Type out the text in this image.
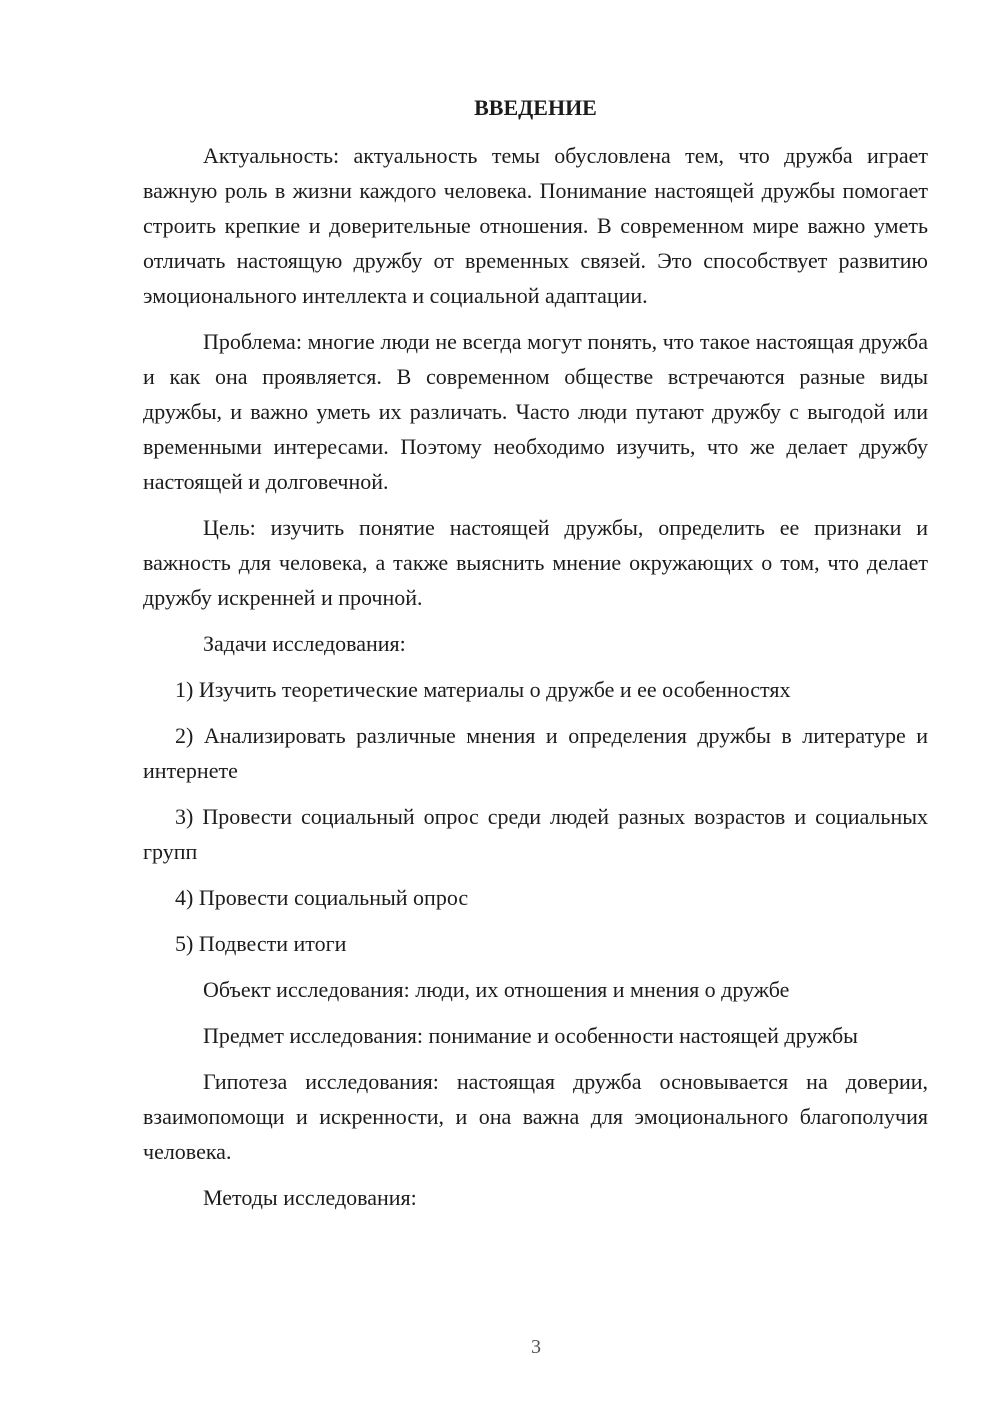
ВВЕДЕНИЕ

Актуальность: актуальность темы обусловлена тем, что дружба играет важную роль в жизни каждого человека. Понимание настоящей дружбы помогает строить крепкие и доверительные отношения. В современном мире важно уметь отличать настоящую дружбу от временных связей. Это способствует развитию эмоционального интеллекта и социальной адаптации.

Проблема: многие люди не всегда могут понять, что такое настоящая дружба и как она проявляется. В современном обществе встречаются разные виды дружбы, и важно уметь их различать. Часто люди путают дружбу с выгодой или временными интересами. Поэтому необходимо изучить, что же делает дружбу настоящей и долговечной.

Цель: изучить понятие настоящей дружбы, определить ее признаки и важность для человека, а также выяснить мнение окружающих о том, что делает дружбу искренней и прочной.

Задачи исследования:

1) Изучить теоретические материалы о дружбе и ее особенностях

2) Анализировать различные мнения и определения дружбы в литературе и интернете

3) Провести социальный опрос среди людей разных возрастов и социальных групп

4) Провести социальный опрос

5) Подвести итоги

Объект исследования: люди, их отношения и мнения о дружбе

Предмет исследования: понимание и особенности настоящей дружбы

Гипотеза исследования: настоящая дружба основывается на доверии, взаимопомощи и искренности, и она важна для эмоционального благополучия человека.

Методы исследования:

3
